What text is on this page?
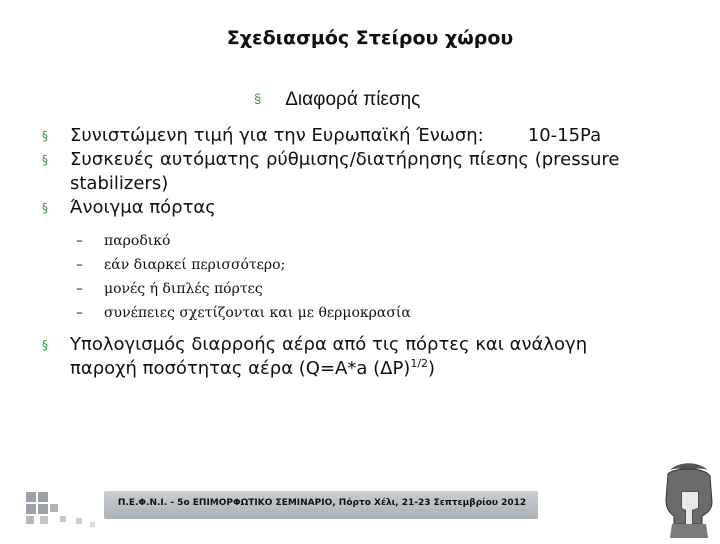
Σχεδιασμός Στείρου χώρου
§ Διαφορά πίεσης
§ Συνιστώμενη τιμή για την Ευρωπαϊκή Ένωση: 10-15Pa
§ Συσκευές αυτόματης ρύθμισης/διατήρησης πίεσης (pressure
stabilizers)
§ Άνοιγμα πόρτας
– παροδικό
– εάν διαρκεί περισσότερο;
– μονές ή διπλές πόρτες
– συνέπειες σχετίζονται και με θερμοκρασία
§ Υπολογισμός διαρροής αέρα από τις πόρτες και ανάλογη
παροχή ποσότητας αέρα (Q=A*a $(\Delta P)^{1/2}$)
Π.Ε.Φ.Ν.Ι. - 5ο ΕΠΙΜΟΡΦΩΤΙΚΟ ΣΕΜΙΝΑΡΙΟ, Πόρτο Χέλι, 21-23 Σεπτεμβρίου 2012
